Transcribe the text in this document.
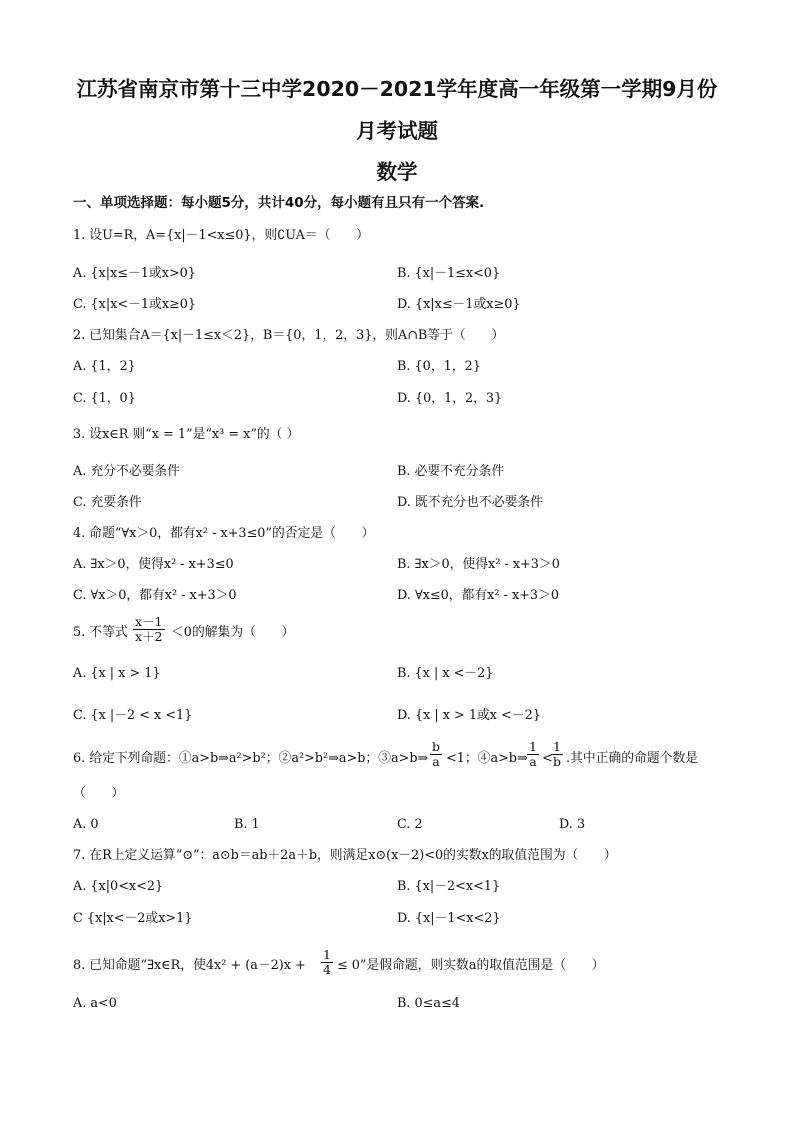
江苏省南京市第十三中学2020－2021学年度高一年级第一学期9月份
月考试题
数学
一、单项选择题：每小题5分，共计40分，每小题有且只有一个答案.
1. 设U=R，A={x|－1<x≤0}，则∁UA＝（　　）
A. {x|x≤－1或x>0}	B. {x|－1≤x<0}
C. {x|x<－1或x≥0}	D. {x|x≤－1或x≥0}
2. 已知集合A＝{x|－1≤x＜2}，B＝{0，1，2，3}，则A∩B等于（　　）
A. {1，2}	B. {0，1，2}
C. {1，0}	D. {0，1，2，3}
3. 设x∈R 则“x = 1”是“x³ = x”的（ ）
A. 充分不必要条件	B. 必要不充分条件
C. 充要条件	D. 既不充分也不必要条件
4. 命题“∀x＞0，都有x² - x+3≤0”的否定是（　　）
A. ∃x＞0，使得x² - x+3≤0	B. ∃x＞0，使得x² - x+3＞0
C. ∀x＞0，都有x² - x+3＞0	D. ∀x≤0，都有x² - x+3＞0
5. 不等式 $\frac{x-1}{x+2} <0$的解集为（　　）
A. {x | x > 1}	B. {x | x <－2}
C. {x |－2 < x <1}	D. {x | x > 1或x <－2}
6. 给定下列命题：①a>b⇒a²>b²；②a²>b²⇒a>b；③a>b⇒ $\frac{b}{a} <1$；④a>b⇒ $\frac{1}{a}$ <
$\frac{1}{b}$ .其中正确的命题个数是
（　　）
A. 0	B. 1	C. 2	D. 3
7. 在R上定义运算“⊙”：a⊙b＝ab＋2a＋b，则满足x⊙(x－2)<0的实数x的取值范围为（　　）
A. {x|0<x<2}	B. {x|－2<x<1}
C {x|x<－2或x>1}	D. {x|－1<x<2}
8. 已知命题“∃x∈R，使$4x^2 + (a-2)x + \frac{1}{4} \le 0$”是假命题，则实数a的取值范围是（　　）
A. a<0	B. 0≤a≤4
